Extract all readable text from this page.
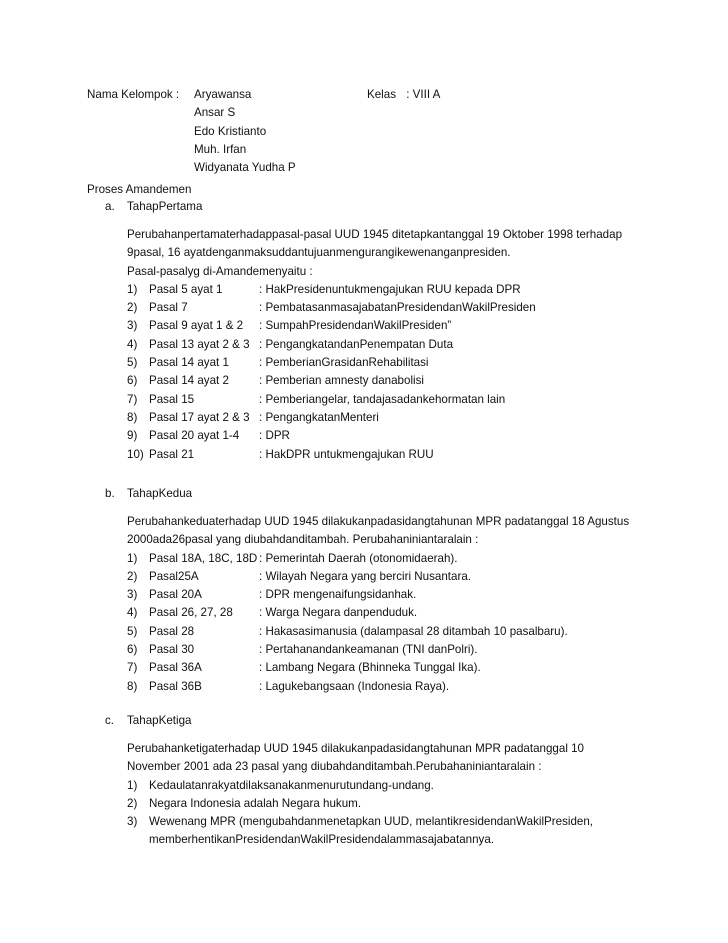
Nama Kelompok : Aryawansa
Ansar S
Edo Kristianto
Muh. Irfan
Widyanata Yudha P
Kelas : VIII A
Proses Amandemen
a. TahapPertama

Perubahanpertamaterhadappasal-pasal UUD 1945 ditetapkantanggal 19 Oktober 1998 terhadap

9pasal, 16 ayatdenganmaksuddantujuanmengurangikewenanganpresiden.

Pasal-pasalyg di-Amandemenyaitu :

1)	Pasal 5 ayat 1	: HakPresidenuntukmengajukan RUU kepada DPR
2)	Pasal 7	: PembatasanmasajabatanPresidendanWakilPresiden
3)	Pasal 9 ayat 1 & 2	: SumpahPresidendanWakilPresiden”
4)	Pasal 13 ayat 2 & 3 : PengangkatandanPenempatan Duta
5)	Pasal 14 ayat 1	: PemberianGrasidanRehabilitasi
6)	Pasal 14 ayat 2	: Pemberian amnesty danabolisi
7)	Pasal 15	: Pemberiangelar, tandajasadankehormatan lain
8)	Pasal 17 ayat 2 & 3 : PengangkatanMenteri
9)	Pasal 20 ayat 1-4	: DPR
10) Pasal 21	: HakDPR untukmengajukan RUU
b. TahapKedua

Perubahankeduaterhadap UUD 1945 dilakukanpadasidangtahunan MPR padatanggal 18 Agustus

2000ada26pasal yang diubahdanditambah. Perubahaniniantaralain :

1)	Pasal 18A, 18C, 18D : Pemerintah Daerah (otonomidaerah).
2)	Pasal25A	: Wilayah Negara yang berciri Nusantara.
3)	Pasal 20A	: DPR mengenaifungsidanhak.
4)	Pasal 26, 27, 28	: Warga Negara danpenduduk.
5)	Pasal 28	: Hakasasimanusia (dalampasal 28 ditambah 10 pasalbaru).
6)	Pasal 30	: Pertahanandankeamanan (TNI danPolri).
7)	Pasal 36A	: Lambang Negara (Bhinneka Tunggal Ika).
8)	Pasal 36B	: Lagukebangsaan (Indonesia Raya).
c. TahapKetiga

Perubahanketigaterhadap UUD 1945 dilakukanpadasidangtahunan MPR padatanggal 10

November 2001 ada 23 pasal yang diubahdanditambah.Perubahaniniantaralain :

1)	Kedaulatanrakyatdilaksanakanmenurutundang-undang.
2)	Negara Indonesia adalah Negara hukum.
3)	Wewenang MPR (mengubahdanmenetapkan UUD, melantikresidendanWakilPresiden, memberhentikanPresidendanWakilPresidendalammasajabatannya.
